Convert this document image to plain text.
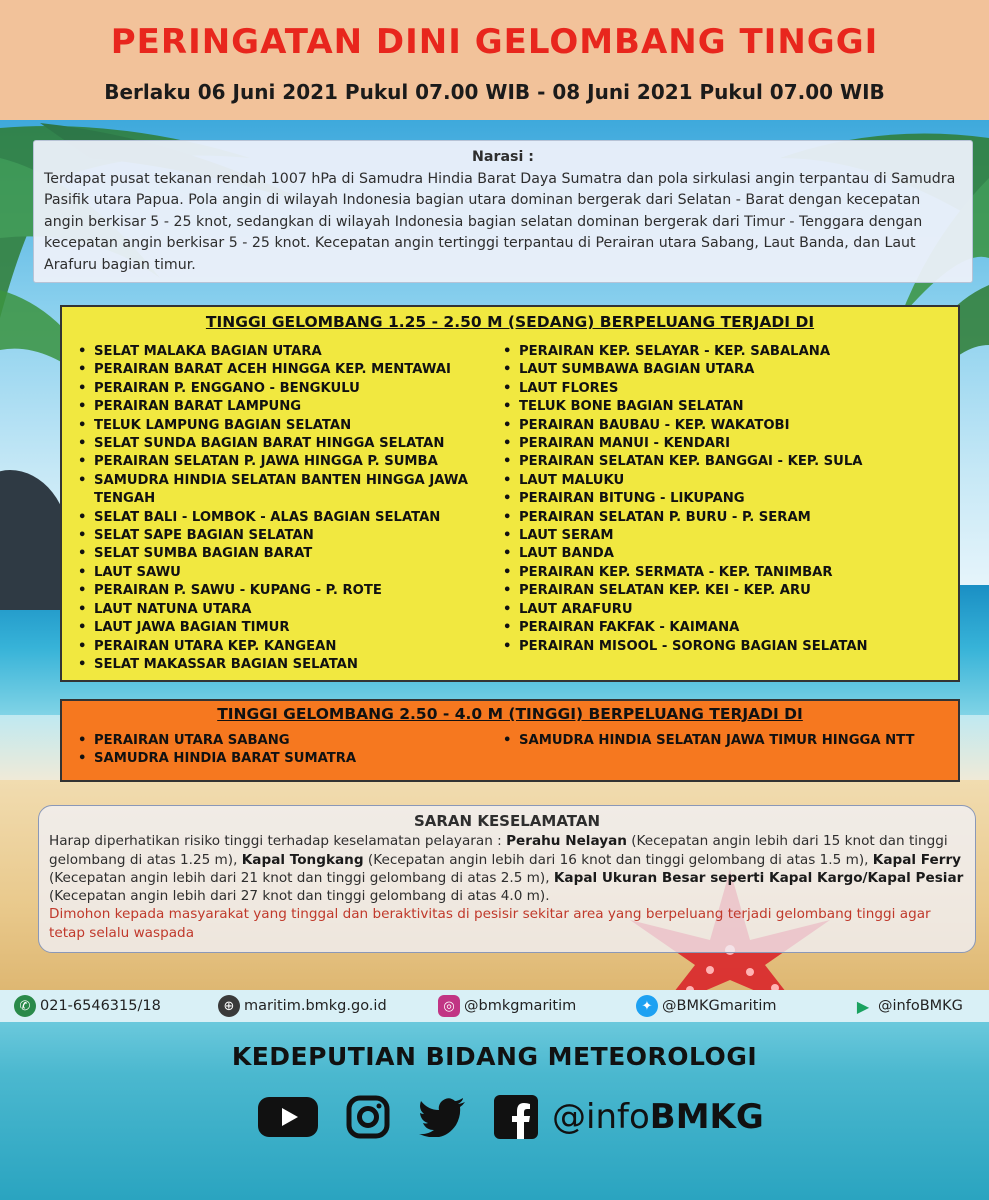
PERINGATAN DINI GELOMBANG TINGGI
Berlaku 06 Juni 2021 Pukul 07.00 WIB - 08 Juni 2021 Pukul 07.00 WIB
Narasi :
Terdapat pusat tekanan rendah 1007 hPa di Samudra Hindia Barat Daya Sumatra dan pola sirkulasi angin terpantau di Samudra Pasifik utara Papua. Pola angin di wilayah Indonesia bagian utara dominan bergerak dari Selatan - Barat dengan kecepatan angin berkisar 5 - 25 knot, sedangkan di wilayah Indonesia bagian selatan dominan bergerak dari Timur - Tenggara dengan kecepatan angin berkisar 5 - 25 knot. Kecepatan angin tertinggi terpantau di Perairan utara Sabang, Laut Banda, dan Laut Arafuru bagian timur.
TINGGI GELOMBANG 1.25 - 2.50 M (SEDANG) BERPELUANG TERJADI DI
• SELAT MALAKA BAGIAN UTARA
• PERAIRAN BARAT ACEH HINGGA KEP. MENTAWAI
• PERAIRAN P. ENGGANO - BENGKULU
• PERAIRAN BARAT LAMPUNG
• TELUK LAMPUNG BAGIAN SELATAN
• SELAT SUNDA BAGIAN BARAT HINGGA SELATAN
• PERAIRAN SELATAN P. JAWA HINGGA P. SUMBA
• SAMUDRA HINDIA SELATAN BANTEN HINGGA JAWA TENGAH
• SELAT BALI - LOMBOK - ALAS BAGIAN SELATAN
• SELAT SAPE BAGIAN SELATAN
• SELAT SUMBA BAGIAN BARAT
• LAUT SAWU
• PERAIRAN P. SAWU - KUPANG - P. ROTE
• LAUT NATUNA UTARA
• LAUT JAWA BAGIAN TIMUR
• PERAIRAN UTARA KEP. KANGEAN
• SELAT MAKASSAR BAGIAN SELATAN
• PERAIRAN KEP. SELAYAR - KEP. SABALANA
• LAUT SUMBAWA BAGIAN UTARA
• LAUT FLORES
• TELUK BONE BAGIAN SELATAN
• PERAIRAN BAUBAU - KEP. WAKATOBI
• PERAIRAN MANUI - KENDARI
• PERAIRAN SELATAN KEP. BANGGAI - KEP. SULA
• LAUT MALUKU
• PERAIRAN BITUNG - LIKUPANG
• PERAIRAN SELATAN P. BURU - P. SERAM
• LAUT SERAM
• LAUT BANDA
• PERAIRAN KEP. SERMATA - KEP. TANIMBAR
• PERAIRAN SELATAN KEP. KEI - KEP. ARU
• LAUT ARAFURU
• PERAIRAN FAKFAK - KAIMANA
• PERAIRAN MISOOL - SORONG BAGIAN SELATAN
TINGGI GELOMBANG 2.50 - 4.0 M (TINGGI) BERPELUANG TERJADI DI
• PERAIRAN UTARA SABANG
• SAMUDRA HINDIA BARAT SUMATRA
• SAMUDRA HINDIA SELATAN JAWA TIMUR HINGGA NTT
SARAN KESELAMATAN
Harap diperhatikan risiko tinggi terhadap keselamatan pelayaran : Perahu Nelayan (Kecepatan angin lebih dari 15 knot dan tinggi gelombang di atas 1.25 m), Kapal Tongkang (Kecepatan angin lebih dari 16 knot dan tinggi gelombang di atas 1.5 m), Kapal Ferry (Kecepatan angin lebih dari 21 knot dan tinggi gelombang di atas 2.5 m), Kapal Ukuran Besar seperti Kapal Kargo/Kapal Pesiar (Kecepatan angin lebih dari 27 knot dan tinggi gelombang di atas 4.0 m).
Dimohon kepada masyarakat yang tinggal dan beraktivitas di pesisir sekitar area yang berpeluang terjadi gelombang tinggi agar tetap selalu waspada
✆ 021-6546315/18	⊕ maritim.bmkg.go.id	◎ @bmkgmaritim	✦ @BMKGmaritim	▶ @infoBMKG
KEDEPUTIAN BIDANG METEOROLOGI
@infoBMKG
